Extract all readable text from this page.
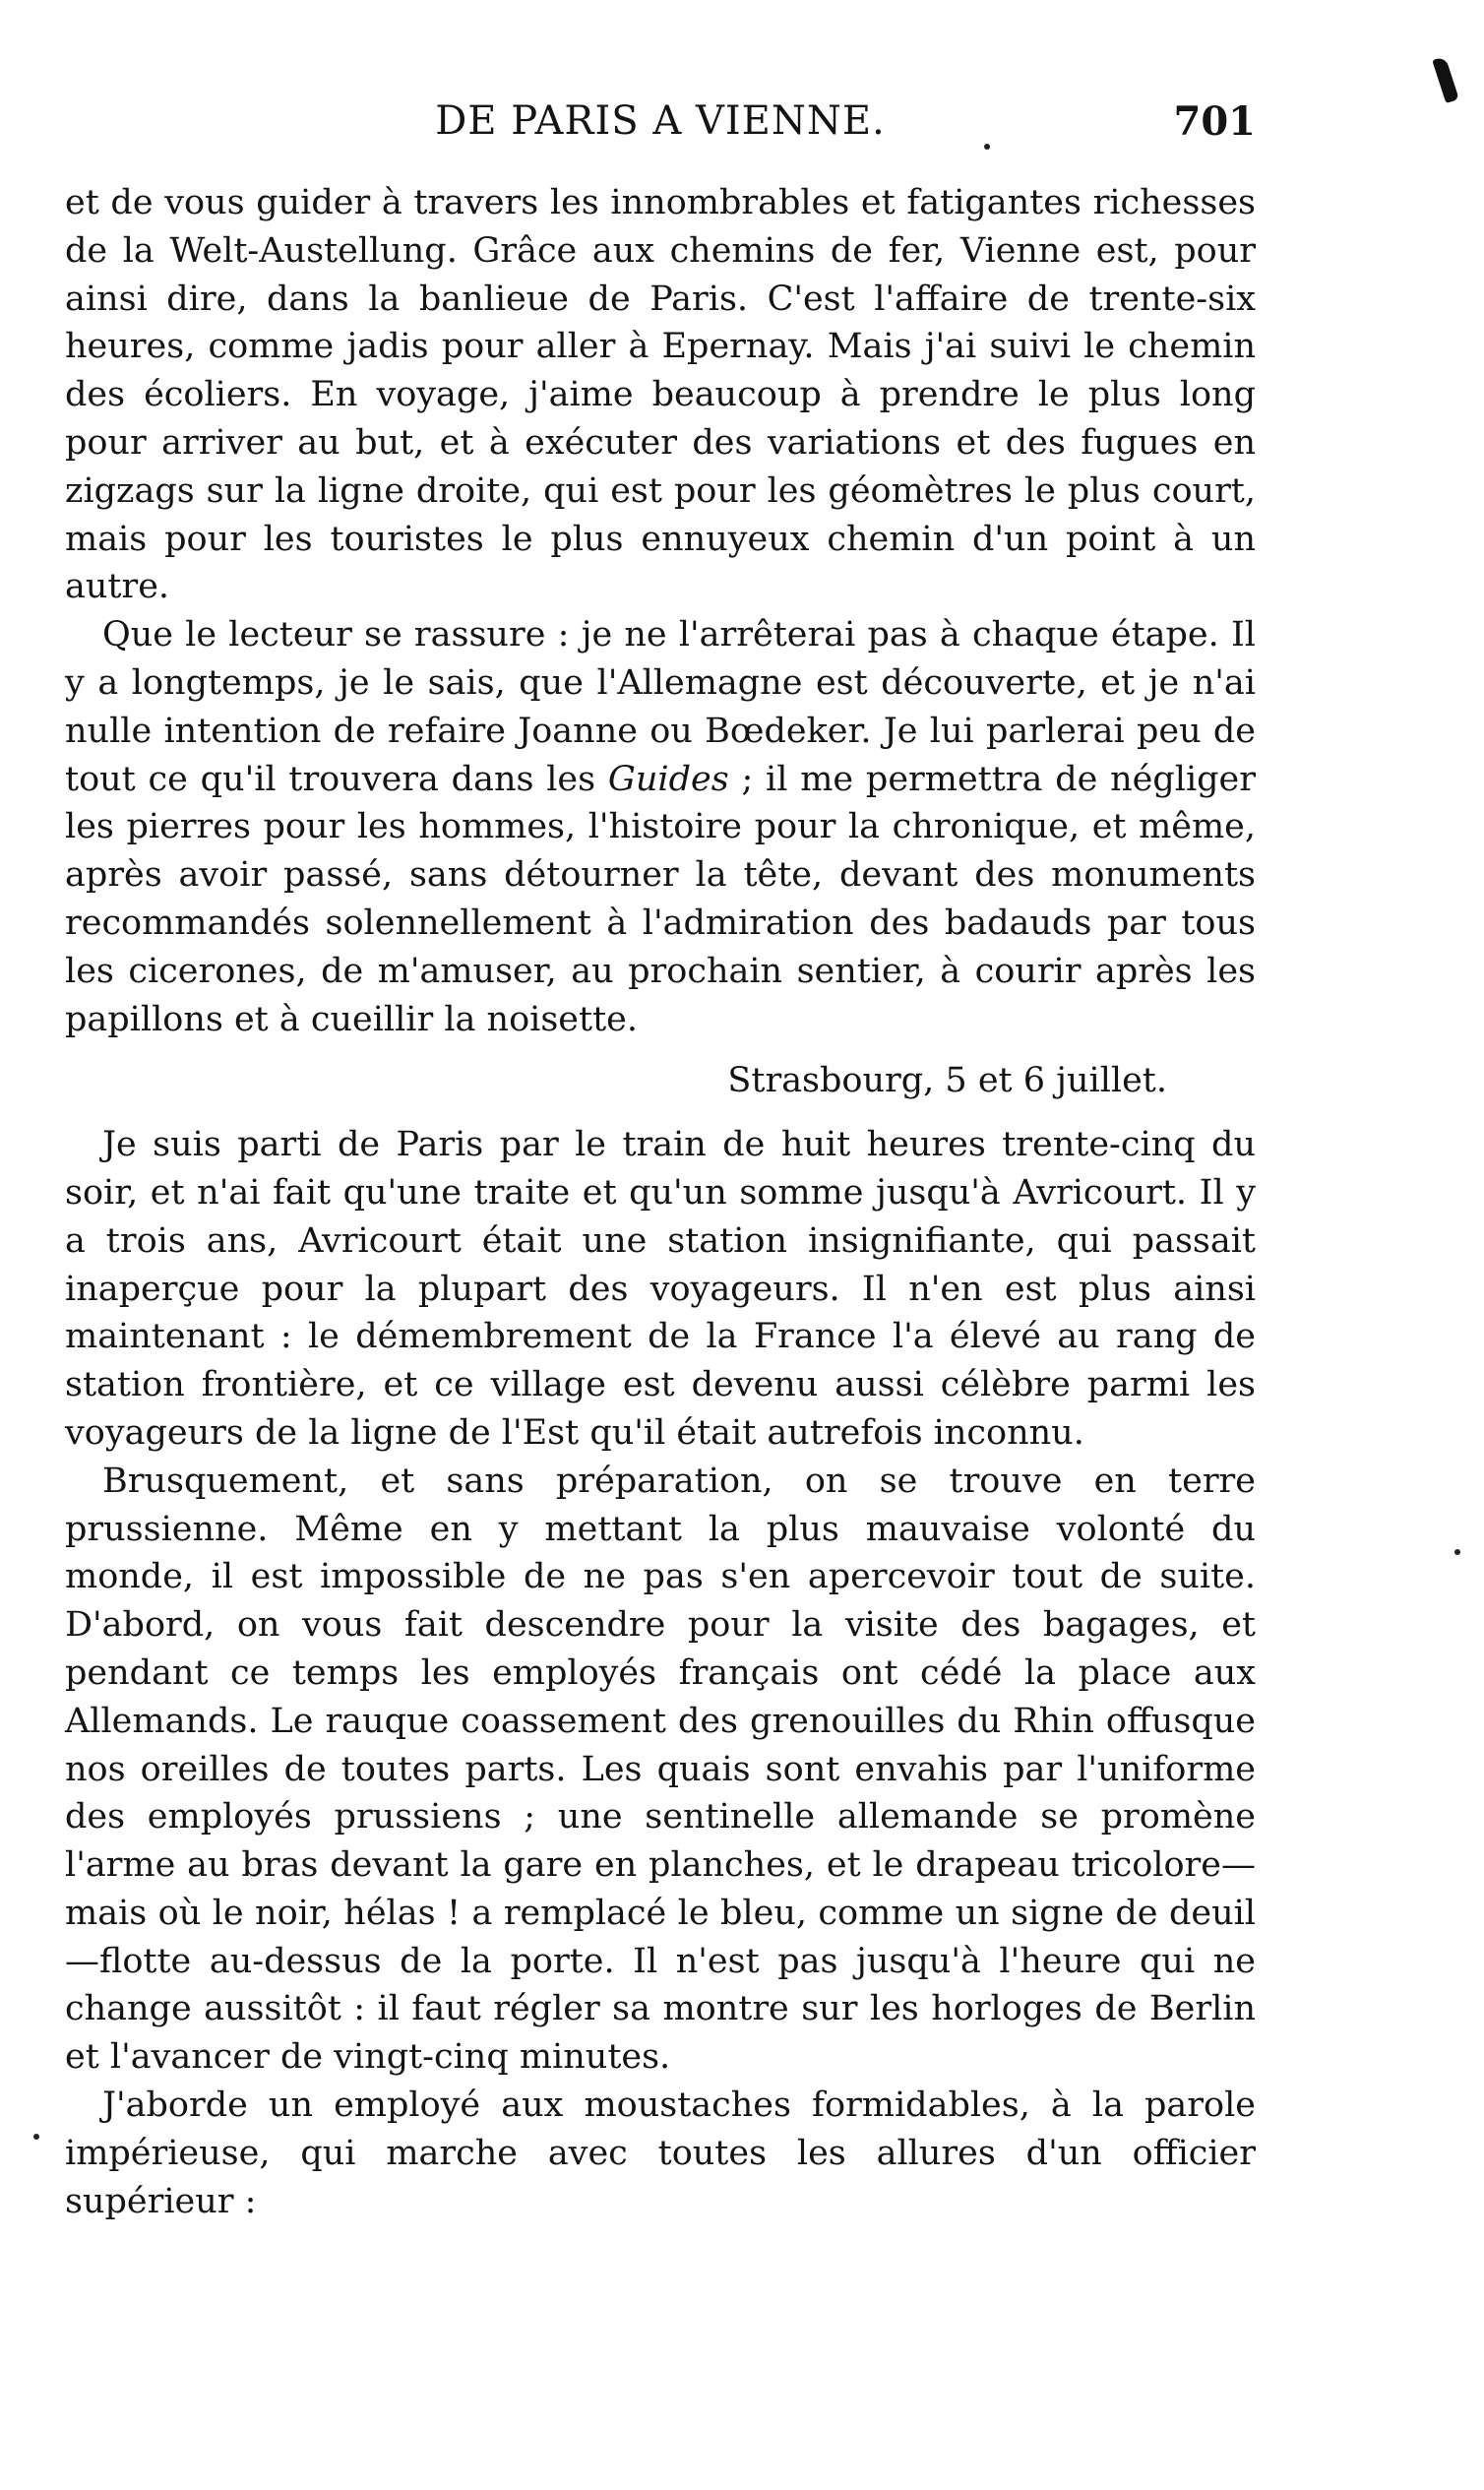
DE PARIS A VIENNE.	701

et de vous guider à travers les innombrables et fatigantes richesses de la Welt-Austellung. Grâce aux chemins de fer, Vienne est, pour ainsi dire, dans la banlieue de Paris. C'est l'affaire de trente-six heures, comme jadis pour aller à Epernay. Mais j'ai suivi le chemin des écoliers. En voyage, j'aime beaucoup à prendre le plus long pour arriver au but, et à exécuter des variations et des fugues en zigzags sur la ligne droite, qui est pour les géomètres le plus court, mais pour les touristes le plus ennuyeux chemin d'un point à un autre.

Que le lecteur se rassure : je ne l'arrêterai pas à chaque étape. Il y a longtemps, je le sais, que l'Allemagne est découverte, et je n'ai nulle intention de refaire Joanne ou Bœdeker. Je lui parlerai peu de tout ce qu'il trouvera dans les Guides ; il me permettra de négliger les pierres pour les hommes, l'histoire pour la chronique, et même, après avoir passé, sans détourner la tête, devant des monuments recommandés solennellement à l'admiration des badauds par tous les cicerones, de m'amuser, au prochain sentier, à courir après les papillons et à cueillir la noisette.

Strasbourg, 5 et 6 juillet.

Je suis parti de Paris par le train de huit heures trente-cinq du soir, et n'ai fait qu'une traite et qu'un somme jusqu'à Avricourt. Il y a trois ans, Avricourt était une station insignifiante, qui passait inaperçue pour la plupart des voyageurs. Il n'en est plus ainsi maintenant : le démembrement de la France l'a élevé au rang de station frontière, et ce village est devenu aussi célèbre parmi les voyageurs de la ligne de l'Est qu'il était autrefois inconnu.

Brusquement, et sans préparation, on se trouve en terre prussienne. Même en y mettant la plus mauvaise volonté du monde, il est impossible de ne pas s'en apercevoir tout de suite. D'abord, on vous fait descendre pour la visite des bagages, et pendant ce temps les employés français ont cédé la place aux Allemands. Le rauque coassement des grenouilles du Rhin offusque nos oreilles de toutes parts. Les quais sont envahis par l'uniforme des employés prussiens ; une sentinelle allemande se promène l'arme au bras devant la gare en planches, et le drapeau tricolore—mais où le noir, hélas ! a remplacé le bleu, comme un signe de deuil—flotte au-dessus de la porte. Il n'est pas jusqu'à l'heure qui ne change aussitôt : il faut régler sa montre sur les horloges de Berlin et l'avancer de vingt-cinq minutes.

J'aborde un employé aux moustaches formidables, à la parole impérieuse, qui marche avec toutes les allures d'un officier supérieur :
